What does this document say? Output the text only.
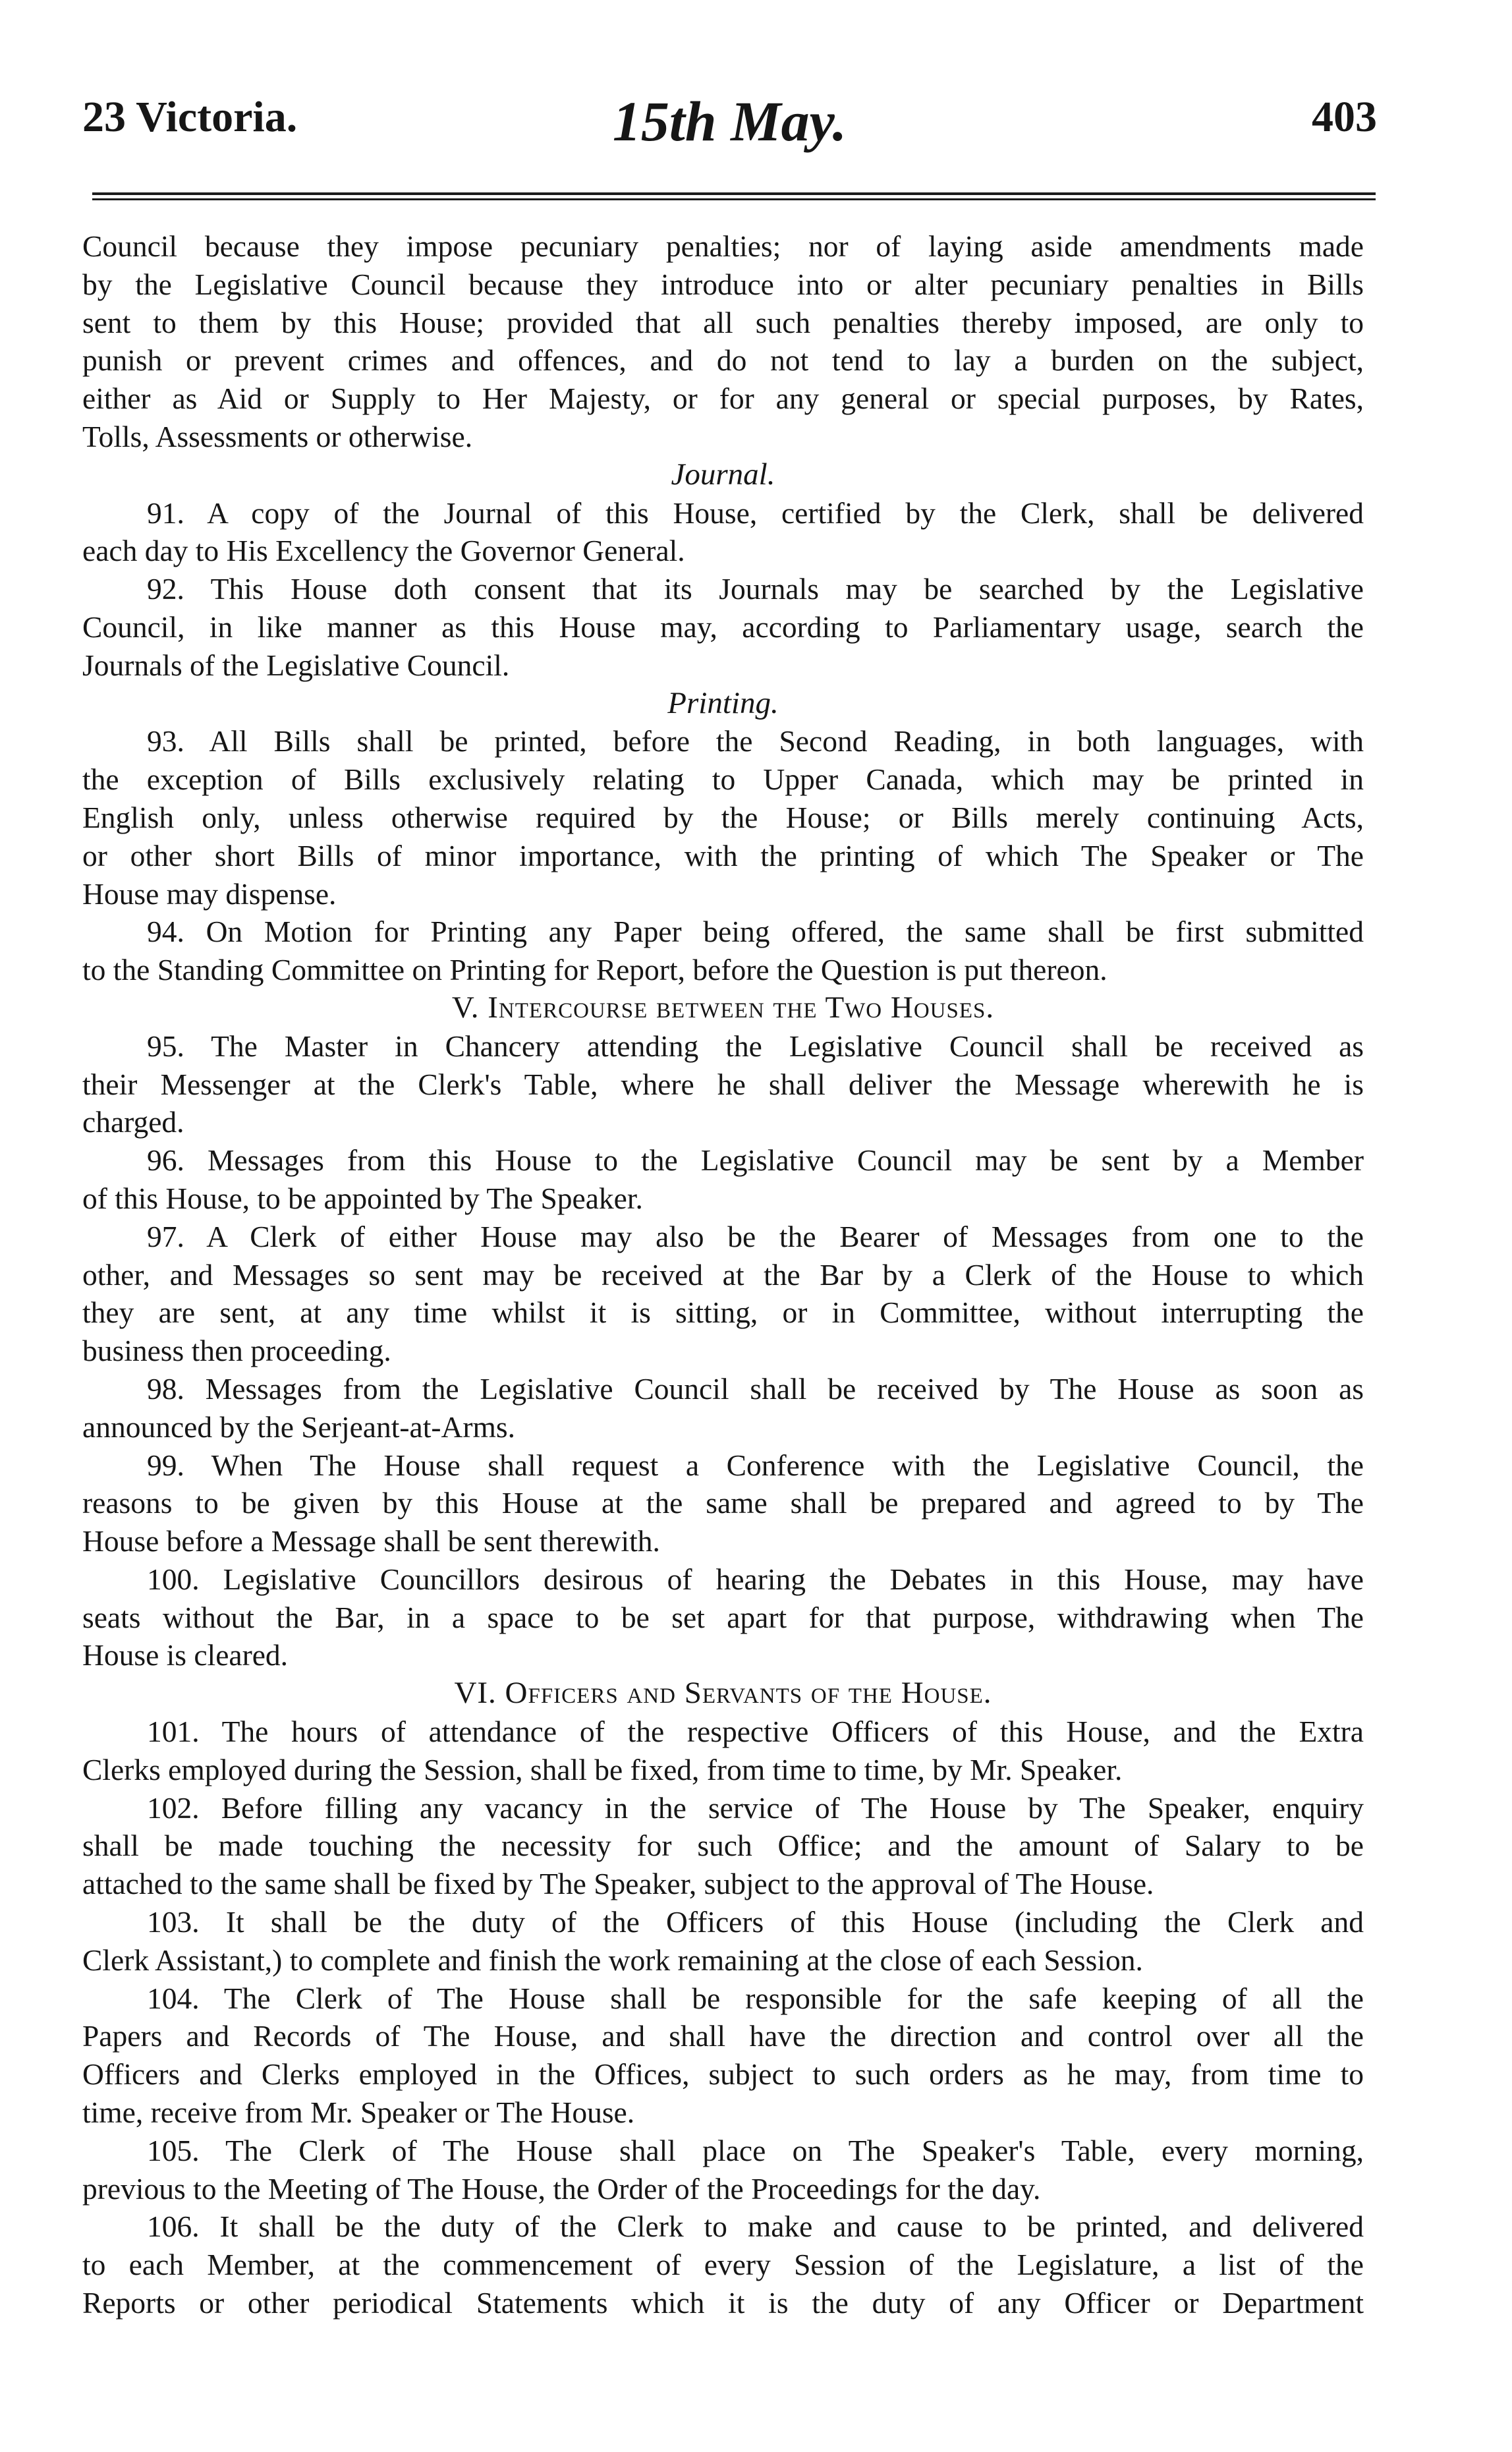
23 Victoria.	15th May.	403
Council because they impose pecuniary penalties; nor of laying aside amendments made
by the Legislative Council because they introduce into or alter pecuniary penalties in Bills
sent to them by this House; provided that all such penalties thereby imposed, are only to
punish or prevent crimes and offences, and do not tend to lay a burden on the subject,
either as Aid or Supply to Her Majesty, or for any general or special purposes, by Rates,
Tolls, Assessments or otherwise.
Journal.
91. A copy of the Journal of this House, certified by the Clerk, shall be delivered
each day to His Excellency the Governor General.
92. This House doth consent that its Journals may be searched by the Legislative
Council, in like manner as this House may, according to Parliamentary usage, search the
Journals of the Legislative Council.
Printing.
93. All Bills shall be printed, before the Second Reading, in both languages, with
the exception of Bills exclusively relating to Upper Canada, which may be printed in
English only, unless otherwise required by the House; or Bills merely continuing Acts,
or other short Bills of minor importance, with the printing of which The Speaker or The
House may dispense.
94. On Motion for Printing any Paper being offered, the same shall be first submitted
to the Standing Committee on Printing for Report, before the Question is put thereon.
V. Intercourse between the Two Houses.
95. The Master in Chancery attending the Legislative Council shall be received as
their Messenger at the Clerk's Table, where he shall deliver the Message wherewith he is
charged.
96. Messages from this House to the Legislative Council may be sent by a Member
of this House, to be appointed by The Speaker.
97. A Clerk of either House may also be the Bearer of Messages from one to the
other, and Messages so sent may be received at the Bar by a Clerk of the House to which
they are sent, at any time whilst it is sitting, or in Committee, without interrupting the
business then proceeding.
98. Messages from the Legislative Council shall be received by The House as soon as
announced by the Serjeant-at-Arms.
99. When The House shall request a Conference with the Legislative Council, the
reasons to be given by this House at the same shall be prepared and agreed to by The
House before a Message shall be sent therewith.
100. Legislative Councillors desirous of hearing the Debates in this House, may have
seats without the Bar, in a space to be set apart for that purpose, withdrawing when The
House is cleared.
VI. Officers and Servants of the House.
101. The hours of attendance of the respective Officers of this House, and the Extra
Clerks employed during the Session, shall be fixed, from time to time, by Mr. Speaker.
102. Before filling any vacancy in the service of The House by The Speaker, enquiry
shall be made touching the necessity for such Office; and the amount of Salary to be
attached to the same shall be fixed by The Speaker, subject to the approval of The House.
103. It shall be the duty of the Officers of this House (including the Clerk and
Clerk Assistant,) to complete and finish the work remaining at the close of each Session.
104. The Clerk of The House shall be responsible for the safe keeping of all the
Papers and Records of The House, and shall have the direction and control over all the
Officers and Clerks employed in the Offices, subject to such orders as he may, from time to
time, receive from Mr. Speaker or The House.
105. The Clerk of The House shall place on The Speaker's Table, every morning,
previous to the Meeting of The House, the Order of the Proceedings for the day.
106. It shall be the duty of the Clerk to make and cause to be printed, and delivered
to each Member, at the commencement of every Session of the Legislature, a list of the
Reports or other periodical Statements which it is the duty of any Officer or Department
